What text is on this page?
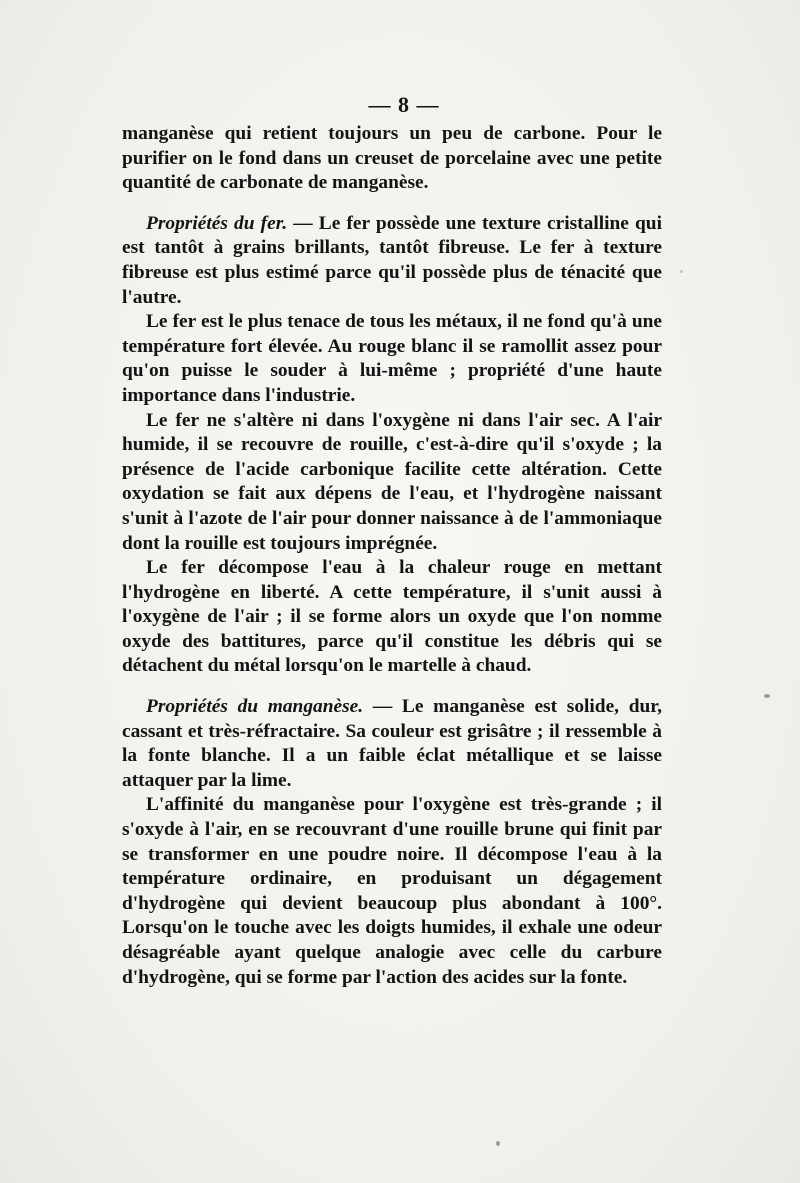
— 8 —

manganèse qui retient toujours un peu de carbone. Pour le purifier on le fond dans un creuset de porcelaine avec une petite quantité de carbonate de manganèse.

Propriétés du fer. — Le fer possède une texture cristalline qui est tantôt à grains brillants, tantôt fibreuse. Le fer à texture fibreuse est plus estimé parce qu'il possède plus de ténacité que l'autre.

Le fer est le plus tenace de tous les métaux, il ne fond qu'à une température fort élevée. Au rouge blanc il se ramollit assez pour qu'on puisse le souder à lui-même ; propriété d'une haute importance dans l'industrie.

Le fer ne s'altère ni dans l'oxygène ni dans l'air sec. A l'air humide, il se recouvre de rouille, c'est-à-dire qu'il s'oxyde ; la présence de l'acide carbonique facilite cette altération. Cette oxydation se fait aux dépens de l'eau, et l'hydrogène naissant s'unit à l'azote de l'air pour donner naissance à de l'ammoniaque dont la rouille est toujours imprégnée.

Le fer décompose l'eau à la chaleur rouge en mettant l'hydrogène en liberté. A cette température, il s'unit aussi à l'oxygène de l'air ; il se forme alors un oxyde que l'on nomme oxyde des battitures, parce qu'il constitue les débris qui se détachent du métal lorsqu'on le martelle à chaud.

Propriétés du manganèse. — Le manganèse est solide, dur, cassant et très-réfractaire. Sa couleur est grisâtre ; il ressemble à la fonte blanche. Il a un faible éclat métallique et se laisse attaquer par la lime.

L'affinité du manganèse pour l'oxygène est très-grande ; il s'oxyde à l'air, en se recouvrant d'une rouille brune qui finit par se transformer en une poudre noire. Il décompose l'eau à la température ordinaire, en produisant un dégagement d'hydrogène qui devient beaucoup plus abondant à 100°. Lorsqu'on le touche avec les doigts humides, il exhale une odeur désagréable ayant quelque analogie avec celle du carbure d'hydrogène, qui se forme par l'action des acides sur la fonte.
